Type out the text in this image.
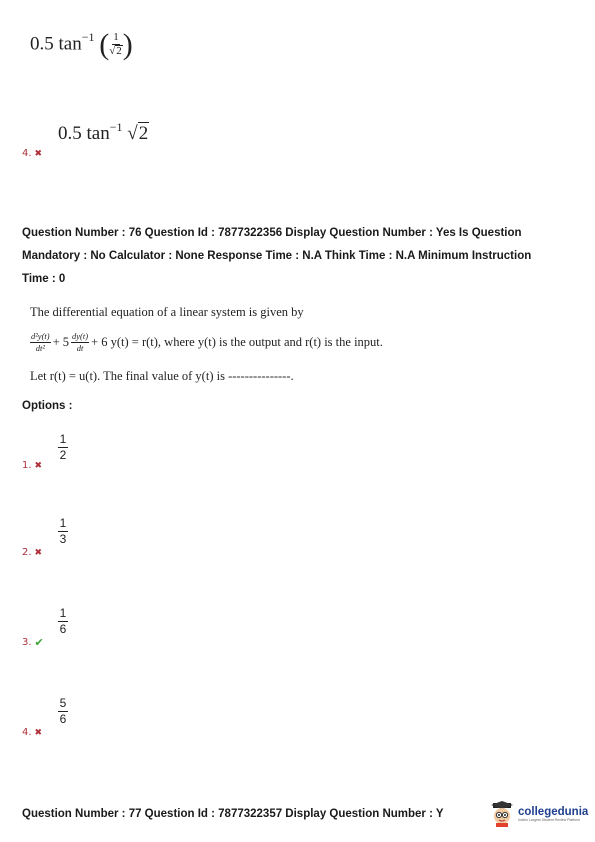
0.5 $\tan^{-1}$ ( $\frac{1}{√ 2}$ )
0.5 $\tan^{-1}$ √ 2
4. ✖
Question Number : 76 Question Id : 7877322356 Display Question Number : Yes Is Question
Mandatory : No Calculator : None Response Time : N.A Think Time : N.A Minimum Instruction
Time : 0
The differential equation of a linear system is given by
$\frac{\text{d²y(t)}}{\text{dt²}} + 5 \frac{dy(t)}{dt} + 6$ y(t) = r(t), where y(t) is the output and r(t) is the input.
Let r(t) = u(t). The final value of y(t) is ---------------.
Options :
1. ✖
$\frac{1}{2}$
2. ✖
$\frac{1}{3}$
3. ✔
$\frac{1}{6}$
4. ✖
$\frac{5}{6}$
Question Number : 77 Question Id : 7877322357 Display Question Number : Y	collegedunia
India's Largest Student Review Platform
